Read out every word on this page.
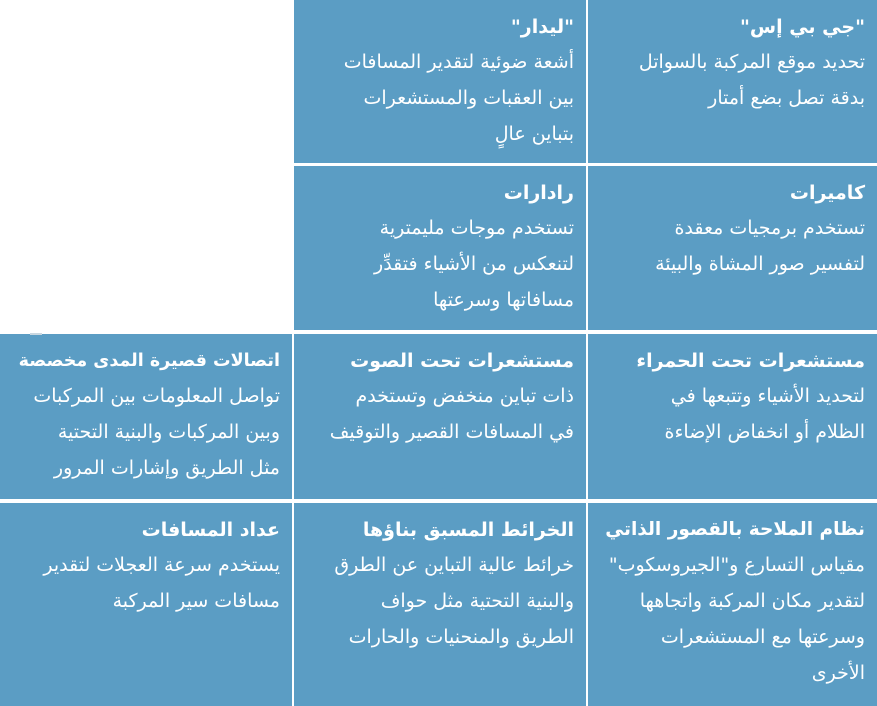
"جي بي إس"
تحديد موقع المركبة بالسواتل
بدقة تصل بضع أمتار
"ليدار"
أشعة ضوئية لتقدير المسافات
بين العقبات والمستشعرات
بتباين عالٍ
كاميرات
تستخدم برمجيات معقدة
لتفسير صور المشاة والبيئة
رادارات
تستخدم موجات مليمترية
لتنعكس من الأشياء فتقدِّر
مسافاتها وسرعتها
مستشعرات تحت الحمراء
لتحديد الأشياء وتتبعها في
الظلام أو انخفاض الإضاءة
مستشعرات تحت الصوت
ذات تباين منخفض وتستخدم
في المسافات القصير والتوقيف
اتصالات قصيرة المدى مخصصة
تواصل المعلومات بين المركبات
وبين المركبات والبنية التحتية
مثل الطريق وإشارات المرور
نظام الملاحة بالقصور الذاتي
مقياس التسارع و"الجيروسكوب"
لتقدير مكان المركبة واتجاهها
وسرعتها مع المستشعرات
الأخرى
الخرائط المسبق بناؤها
خرائط عالية التباين عن الطرق
والبنية التحتية مثل حواف
الطريق والمنحنيات والحارات
عداد المسافات
يستخدم سرعة العجلات لتقدير
مسافات سير المركبة
